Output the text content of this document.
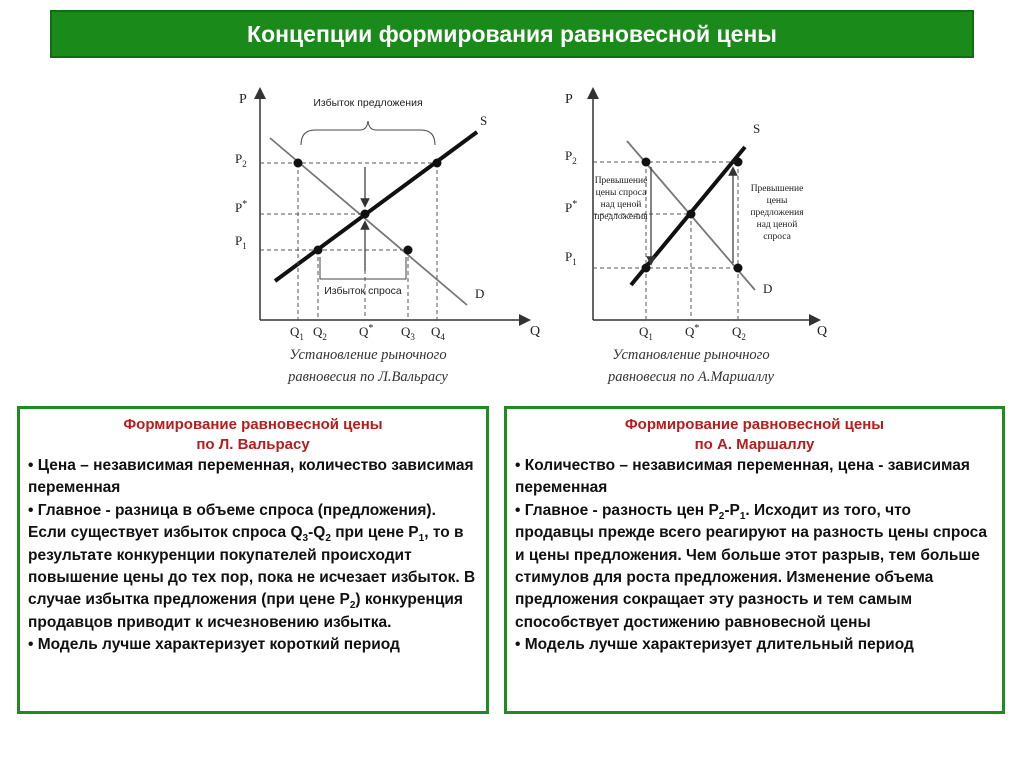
Концепции формирования равновесной цены
P
Q
S
D
Избыток предложения
Избыток спроса
$P_2$
P*
$P_1$
$Q_1$ $Q_2$ Q* $Q_3$ $Q_4$
Установление рыночного
равновесия по Л.Вальрасу
P
Q
S
D
Превышение
цены спроса
над ценой
предложения
Превышение
цены
предложения
над ценой
спроса
$P_2$
P*
$P_1$
$Q_1$ Q*	$Q_2$
Установление рыночного
равновесия по А.Маршаллу
Формирование равновесной цены
по Л. Вальрасу

• Цена – независимая переменная, количество зависимая переменная

• Главное - разница в объеме спроса (предложения). Если существует избыток спроса $Q_3-Q_2$ при цене $P_1$, то в результате конкуренции покупателей происходит повышение цены до тех пор, пока не исчезает избыток. В случае избытка предложения (при цене $P_2$) конкуренция продавцов приводит к исчезновению избытка.

• Модель лучше характеризует короткий период

Формирование равновесной цены
по А. Маршаллу

• Количество – независимая переменная, цена - зависимая переменная

• Главное - разность цен $P_2-P_1$. Исходит из того, что продавцы прежде всего реагируют на разность цены спроса и цены предложения. Чем больше этот разрыв, тем больше стимулов для роста предложения. Изменение объема предложения сокращает эту разность и тем самым способствует достижению равновесной цены

• Модель лучше характеризует длительный период
